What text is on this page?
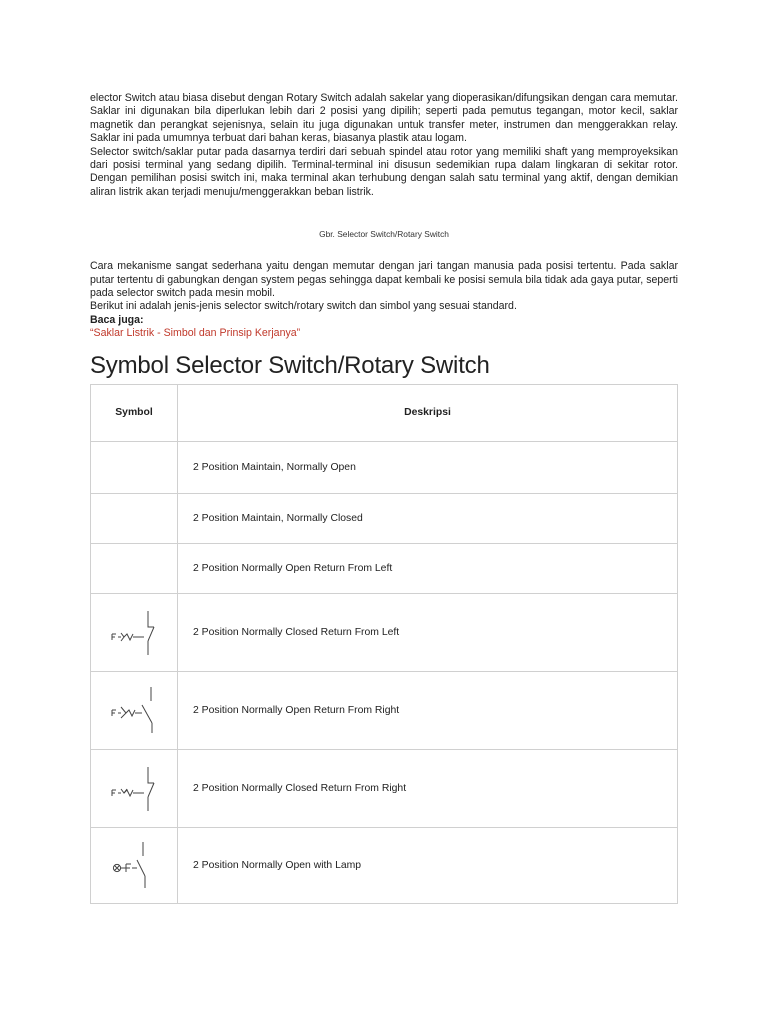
elector Switch atau biasa disebut dengan Rotary Switch adalah sakelar yang dioperasikan/difungsikan dengan cara memutar. Saklar ini digunakan bila diperlukan lebih dari 2 posisi yang dipilih; seperti pada pemutus tegangan, motor kecil, saklar magnetik dan perangkat sejenisnya, selain itu juga digunakan untuk transfer meter, instrumen dan menggerakkan relay. Saklar ini pada umumnya terbuat dari bahan keras, biasanya plastik atau logam.

Selector switch/saklar putar pada dasarnya terdiri dari sebuah spindel atau rotor yang memiliki shaft yang memproyeksikan dari posisi terminal yang sedang dipilih. Terminal-terminal ini disusun sedemikian rupa dalam lingkaran di sekitar rotor. Dengan pemilihan posisi switch ini, maka terminal akan terhubung dengan salah satu terminal yang aktif, dengan demikian aliran listrik akan terjadi menuju/menggerakkan beban listrik.

Gbr. Selector Switch/Rotary Switch

Cara mekanisme sangat sederhana yaitu dengan memutar dengan jari tangan manusia pada posisi tertentu. Pada saklar putar tertentu di gabungkan dengan system pegas sehingga dapat kembali ke posisi semula bila tidak ada gaya putar, seperti pada selector switch pada mesin mobil.

Berikut ini adalah jenis-jenis selector switch/rotary switch dan simbol yang sesuai standard.

Baca juga:

“Saklar Listrik - Simbol dan Prinsip Kerjanya”

Symbol Selector Switch/Rotary Switch
Symbol	Deskripsi
	2 Position Maintain, Normally Open
	2 Position Maintain, Normally Closed
	2 Position Normally Open Return From Left

	2 Position Normally Closed Return From Left

	2 Position Normally Open Return From Right

	2 Position Normally Closed Return From Right

	2 Position Normally Open with Lamp
